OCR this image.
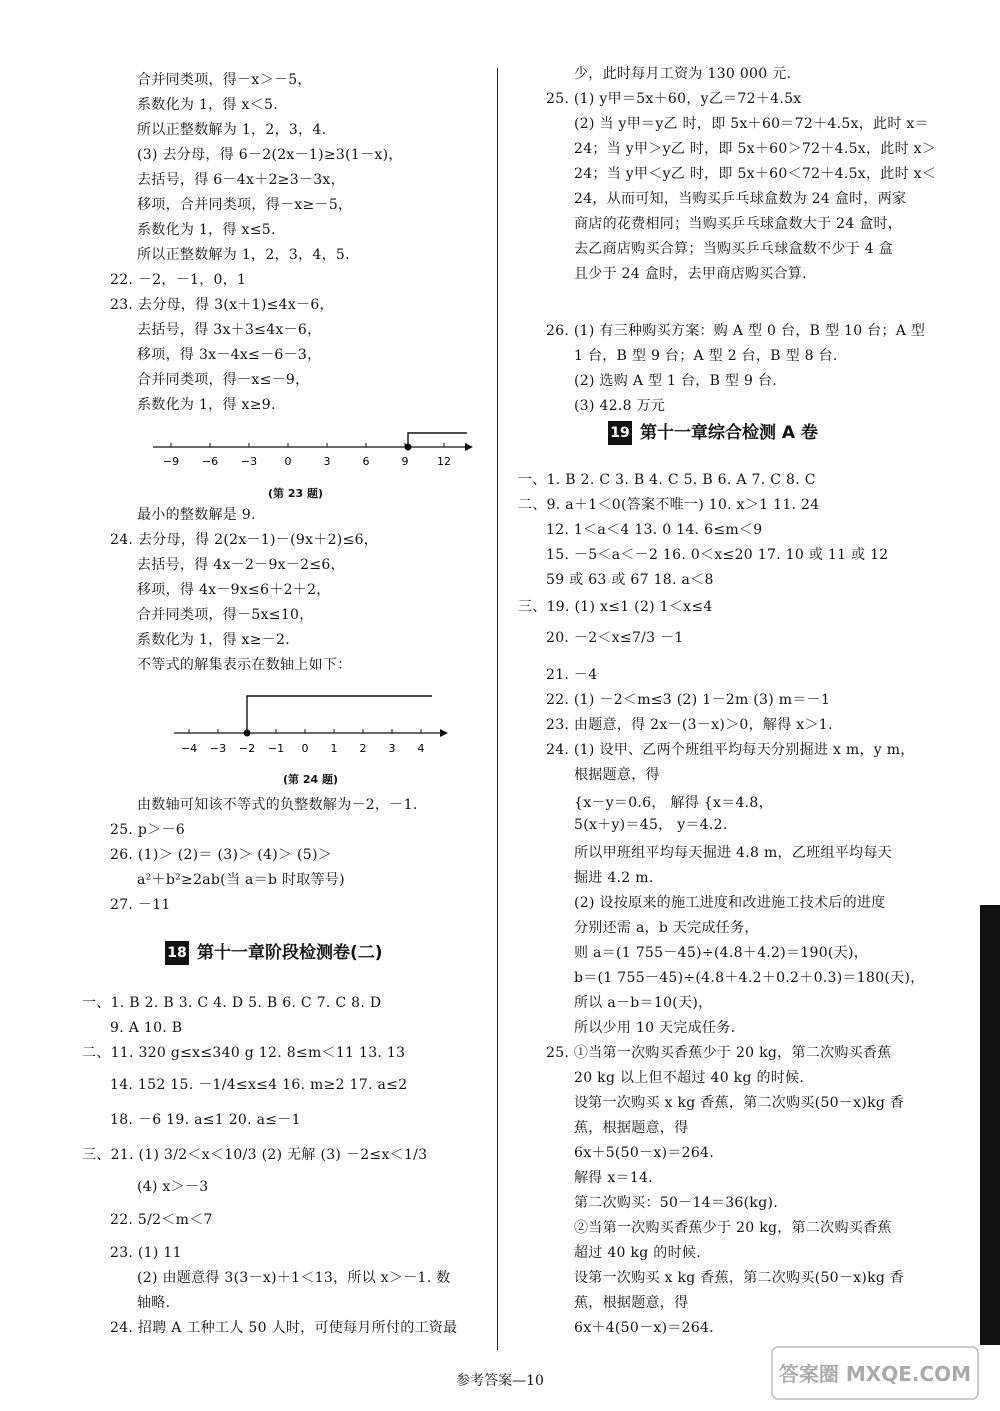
合并同类项，得－x＞－5，
系数化为 1，得 x＜5.
所以正整数解为 1，2，3，4.
(3) 去分母，得 6－2(2x－1)≥3(1－x)，
去括号，得 6－4x＋2≥3－3x，
移项，合并同类项，得－x≥－5，
系数化为 1，得 x≤5.
所以正整数解为 1，2，3，4，5.
22. －2，－1，0，1
23. 去分母，得 3(x＋1)≤4x－6，
去括号，得 3x＋3≤4x－6，
移项，得 3x－4x≤－6－3，
合并同类项，得－x≤－9，
系数化为 1，得 x≥9.
−9 −6 −3 0	3	6	9	12
(第 23 题)
最小的整数解是 9.
24. 去分母，得 2(2x－1)－(9x＋2)≤6，
去括号，得 4x－2－9x－2≤6，
移项，得 4x－9x≤6＋2＋2，
合并同类项，得－5x≤10，
系数化为 1，得 x≥－2.
不等式的解集表示在数轴上如下：
−4 −3 −2 −1 0 1 2 3 4
(第 24 题)
由数轴可知该不等式的负整数解为－2，－1.
25. p＞－6
26. (1)＞ (2)＝ (3)＞ (4)＞ (5)＞
a²＋b²≥2ab(当 a＝b 时取等号)
27. －11
18 第十一章阶段检测卷(二)
一、1. B 2. B 3. C 4. D 5. B 6. C 7. C 8. D
9. A 10. B
二、11. 320 g≤x≤340 g 12. 8≤m＜11 13. 13
14. 152 15. －1/4≤x≤4 16. m≥2 17. a≤2
18. －6 19. a≤1 20. a≤－1
三、21. (1) 3/2＜x＜10/3 (2) 无解 (3) －2≤x＜1/3
(4) x＞－3
22. 5/2＜m＜7
23. (1) 11
(2) 由题意得 3(3－x)＋1＜13，所以 x＞－1. 数
轴略.
24. 招聘 A 工种工人 50 人时，可使每月所付的工资最
少，此时每月工资为 130 000 元.
25. (1) y甲＝5x＋60，y乙＝72＋4.5x
(2) 当 y甲＝y乙 时，即 5x＋60＝72＋4.5x，此时 x＝
24；当 y甲＞y乙 时，即 5x＋60＞72＋4.5x，此时 x＞
24；当 y甲＜y乙 时，即 5x＋60＜72＋4.5x，此时 x＜
24，从而可知，当购买乒乓球盒数为 24 盒时，两家
商店的花费相同；当购买乒乓球盒数大于 24 盒时，
去乙商店购买合算；当购买乒乓球盒数不少于 4 盒
且少于 24 盒时，去甲商店购买合算.
26. (1) 有三种购买方案：购 A 型 0 台，B 型 10 台；A 型
1 台，B 型 9 台；A 型 2 台，B 型 8 台.
(2) 选购 A 型 1 台，B 型 9 台.
(3) 42.8 万元
19 第十一章综合检测 A 卷
一、1. B 2. C 3. B 4. C 5. B 6. A 7. C 8. C
二、9. a＋1＜0(答案不唯一) 10. x＞1 11. 24
12. 1＜a＜4 13. 0 14. 6≤m＜9
15. －5＜a＜－2 16. 0＜x≤20 17. 10 或 11 或 12
59 或 63 或 67 18. a＜8
三、19. (1) x≤1 (2) 1＜x≤4
20. －2＜x≤7/3 －1
21. －4
22. (1) －2＜m≤3 (2) 1－2m (3) m＝－1
23. 由题意，得 2x－(3－x)＞0，解得 x＞1.
24. (1) 设甲、乙两个班组平均每天分别掘进 x m，y m，
根据题意，得
{x－y＝0.6， 解得 {x＝4.8，
5(x＋y)＝45， y＝4.2.
所以甲班组平均每天掘进 4.8 m，乙班组平均每天
掘进 4.2 m.
(2) 设按原来的施工进度和改进施工技术后的进度
分别还需 a，b 天完成任务，
则 a＝(1 755－45)÷(4.8＋4.2)＝190(天)，
b＝(1 755－45)÷(4.8＋4.2＋0.2＋0.3)＝180(天)，
所以 a－b＝10(天)，
所以少用 10 天完成任务.
25. ①当第一次购买香蕉少于 20 kg，第二次购买香蕉
20 kg 以上但不超过 40 kg 的时候.
设第一次购买 x kg 香蕉，第二次购买(50－x)kg 香
蕉，根据题意，得
6x＋5(50－x)＝264.
解得 x＝14.
第二次购买：50－14＝36(kg).
②当第一次购买香蕉少于 20 kg，第二次购买香蕉
超过 40 kg 的时候.
设第一次购买 x kg 香蕉，第二次购买(50－x)kg 香
蕉，根据题意，得
6x＋4(50－x)＝264.
参考答案—10	答案圈 MXQE.COM
